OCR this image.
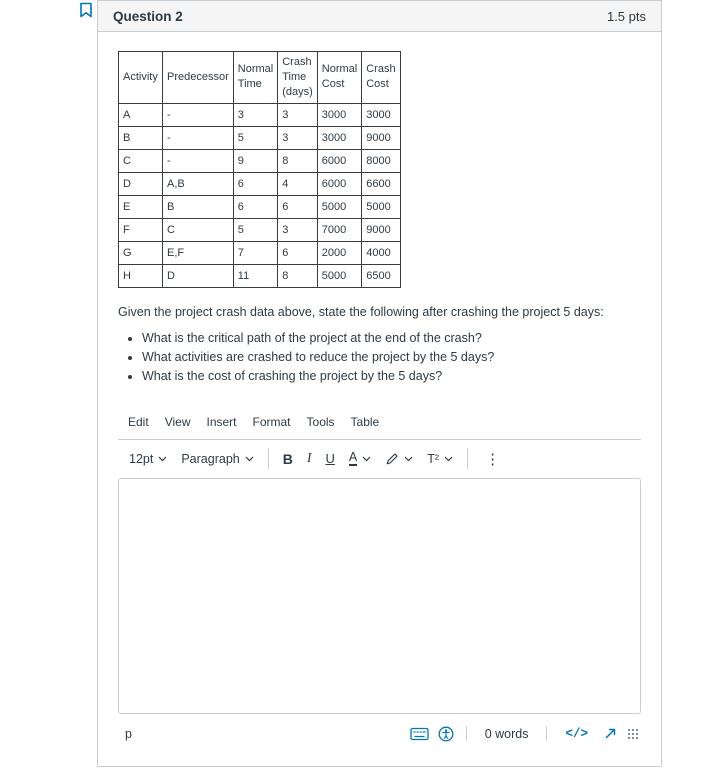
Question 2	1.5 pts
Activity	Predecessor	Normal Time	Crash Time (days)	Normal Cost	Crash Cost
A	-	3	3	3000	3000
B	-	5	3	3000	9000
C	-	9	8	6000	8000
D	A,B	6	4	6000	6600
E	B	6	6	5000	5000
F	C	5	3	7000	9000
G	E,F	7	6	2000	4000
H	D	11	8	5000	6500

Given the project crash data above, state the following after crashing the project 5 days:

• What is the critical path of the project at the end of the crash?
• What activities are crashed to reduce the project by the 5 days?
• What is the cost of crashing the project by the 5 days?
Edit	View	Insert	Format	Tools	Table
12pt Paragraph	B I U A	T²	⋮
p	0 words	</>
